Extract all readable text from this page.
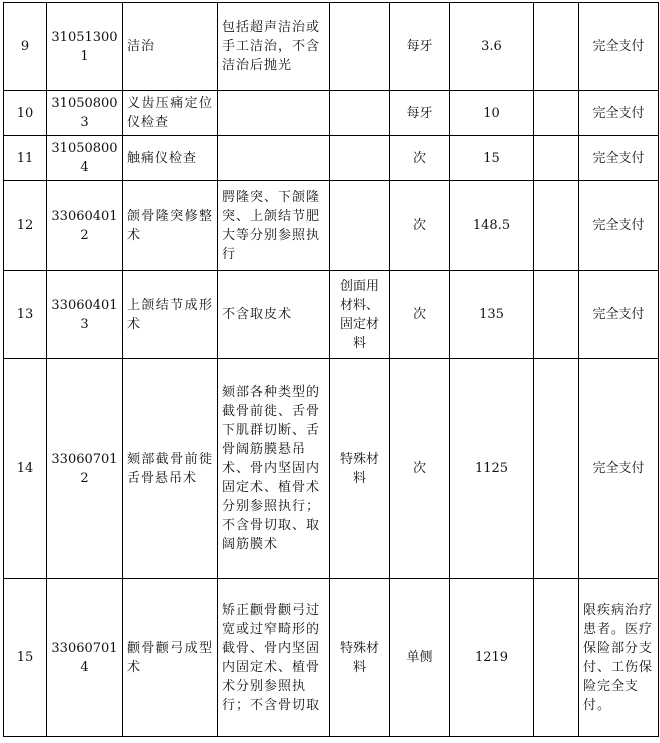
9	310513001	洁治	包括超声洁治或手工洁治，不含洁治后抛光		每牙	3.6		完全支付
10	310508003	义齿压痛定位仪检查			每牙	10		完全支付
11	310508004	触痛仪检查			次	15		完全支付
12	330604012	颌骨隆突修整术	腭隆突、下颌隆突、上颌结节肥大等分别参照执行		次	148.5		完全支付
13	330604013	上颌结节成形术	不含取皮术	创面用材料、固定材料	次	135		完全支付
14	330607012	颏部截骨前徙舌骨悬吊术	颏部各种类型的截骨前徙、舌骨下肌群切断、舌骨阔筋膜悬吊术、骨内坚固内固定术、植骨术分别参照执行；不含骨切取、取阔筋膜术	特殊材料	次	1125		完全支付
15	330607014	颧骨颧弓成型术	矫正颧骨颧弓过宽或过窄畸形的截骨、骨内坚固内固定术、植骨术分别参照执行；不含骨切取	特殊材料	单侧	1219		限疾病治疗患者。医疗保险部分支付、工伤保险完全支付。
